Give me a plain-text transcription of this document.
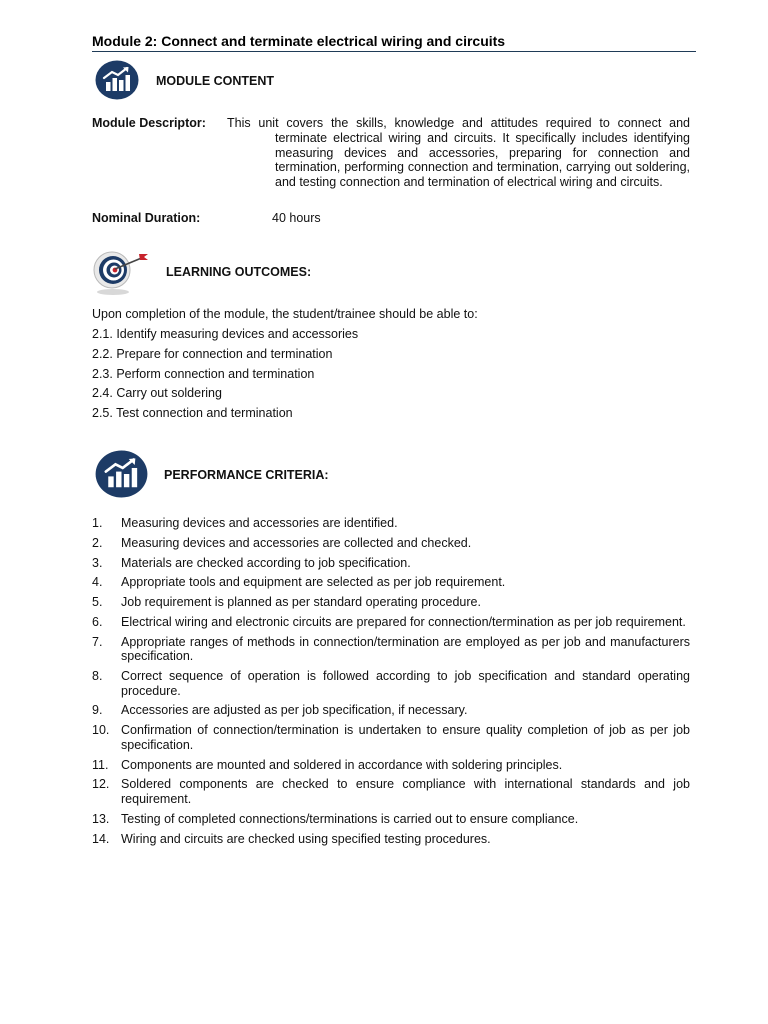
Module 2: Connect and terminate electrical wiring and circuits
MODULE CONTENT
Module Descriptor: This unit covers the skills, knowledge and attitudes required to connect and
terminate electrical wiring and circuits. It specifically includes identifying measuring devices and accessories, preparing for connection and termination, performing connection and termination, carrying out soldering, and testing connection and termination of electrical wiring and circuits.
Nominal Duration:	40 hours
LEARNING OUTCOMES:
Upon completion of the module, the student/trainee should be able to:
2.1. Identify measuring devices and accessories
2.2. Prepare for connection and termination
2.3. Perform connection and termination
2.4. Carry out soldering
2.5. Test connection and termination
PERFORMANCE CRITERIA:
1.	Measuring devices and accessories are identified.
2.	Measuring devices and accessories are collected and checked.
3.	Materials are checked according to job specification.
4.	Appropriate tools and equipment are selected as per job requirement.
5.	Job requirement is planned as per standard operating procedure.
6.	Electrical wiring and electronic circuits are prepared for connection/termination as per job requirement.
7.	Appropriate ranges of methods in connection/termination are employed as per job and manufacturers specification.
8.	Correct sequence of operation is followed according to job specification and standard operating procedure.
9.	Accessories are adjusted as per job specification, if necessary.
10. Confirmation of connection/termination is undertaken to ensure quality completion of job as per job specification.
11.	Components are mounted and soldered in accordance with soldering principles.
12. Soldered components are checked to ensure compliance with international standards and job requirement.
13. Testing of completed connections/terminations is carried out to ensure compliance.
14. Wiring and circuits are checked using specified testing procedures.
